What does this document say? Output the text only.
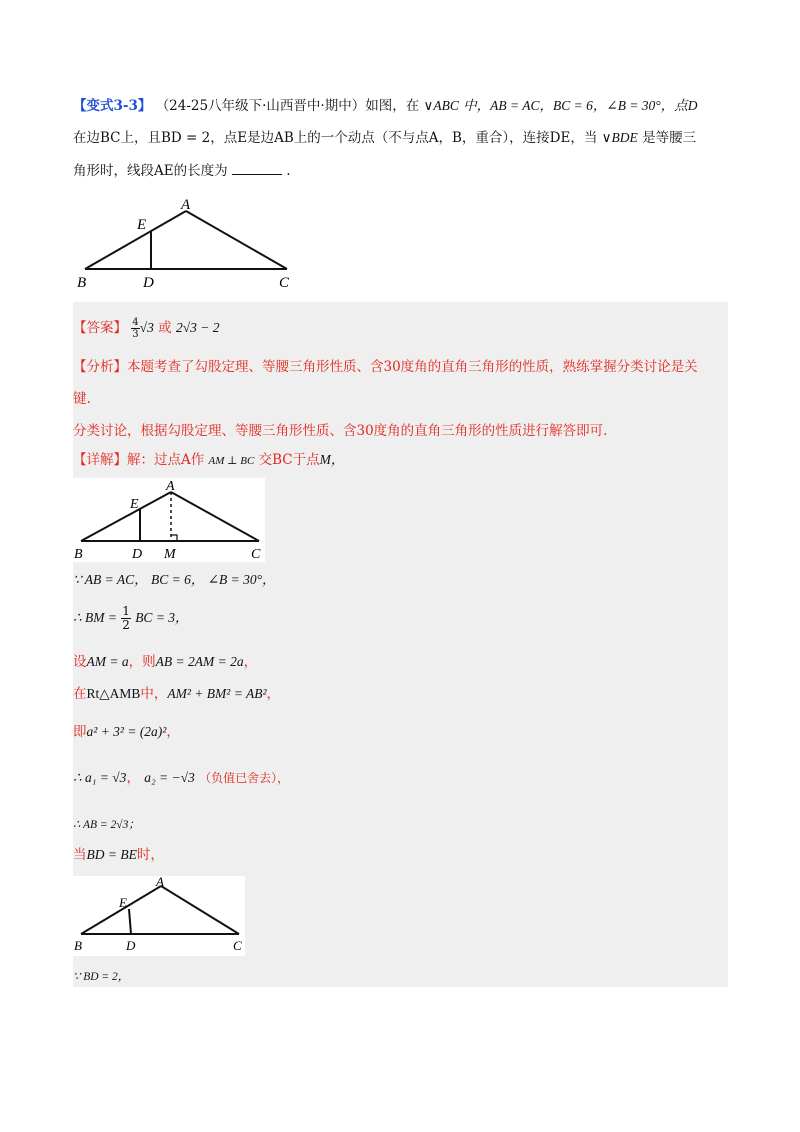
【变式3-3】 （24-25八年级下·山西晋中·期中）如图，在 ∨ABC 中，AB = AC，BC = 6，∠B = 30°，点D
在边BC上，且BD = 2，点E是边AB上的一个动点（不与点A，B，重合），连接DE，当 ∨BDE 是等腰三
角形时，线段AE的长度为	.
A
E
B	D	C
【答案】 $\frac{4}{3} √3$ 或 2√3 − 2
【分析】本题考查了勾股定理、等腰三角形性质、含30度角的直角三角形的性质，熟练掌握分类讨论是关
键.
分类讨论，根据勾股定理、等腰三角形性质、含30度角的直角三角形的性质进行解答即可.
【详解】解：过点A作 AM ⊥ BC 交BC于点M，
A
E
B	D M	C
∵ AB = AC， BC = 6， ∠B = 30°，
∴ BM = $\frac{1}{2}$ BC = 3，
设AM = a，则AB = 2AM = 2a，
在Rt△AMB中，AM² + BM² = AB²，
即a² + 3² = (2a)²，
∴ a₁ = √3， a₂ = −√3 （负值已舍去），
∴ AB = 2√3；
当BD = BE时，
A
E
B	D	C
∵ BD = 2，
